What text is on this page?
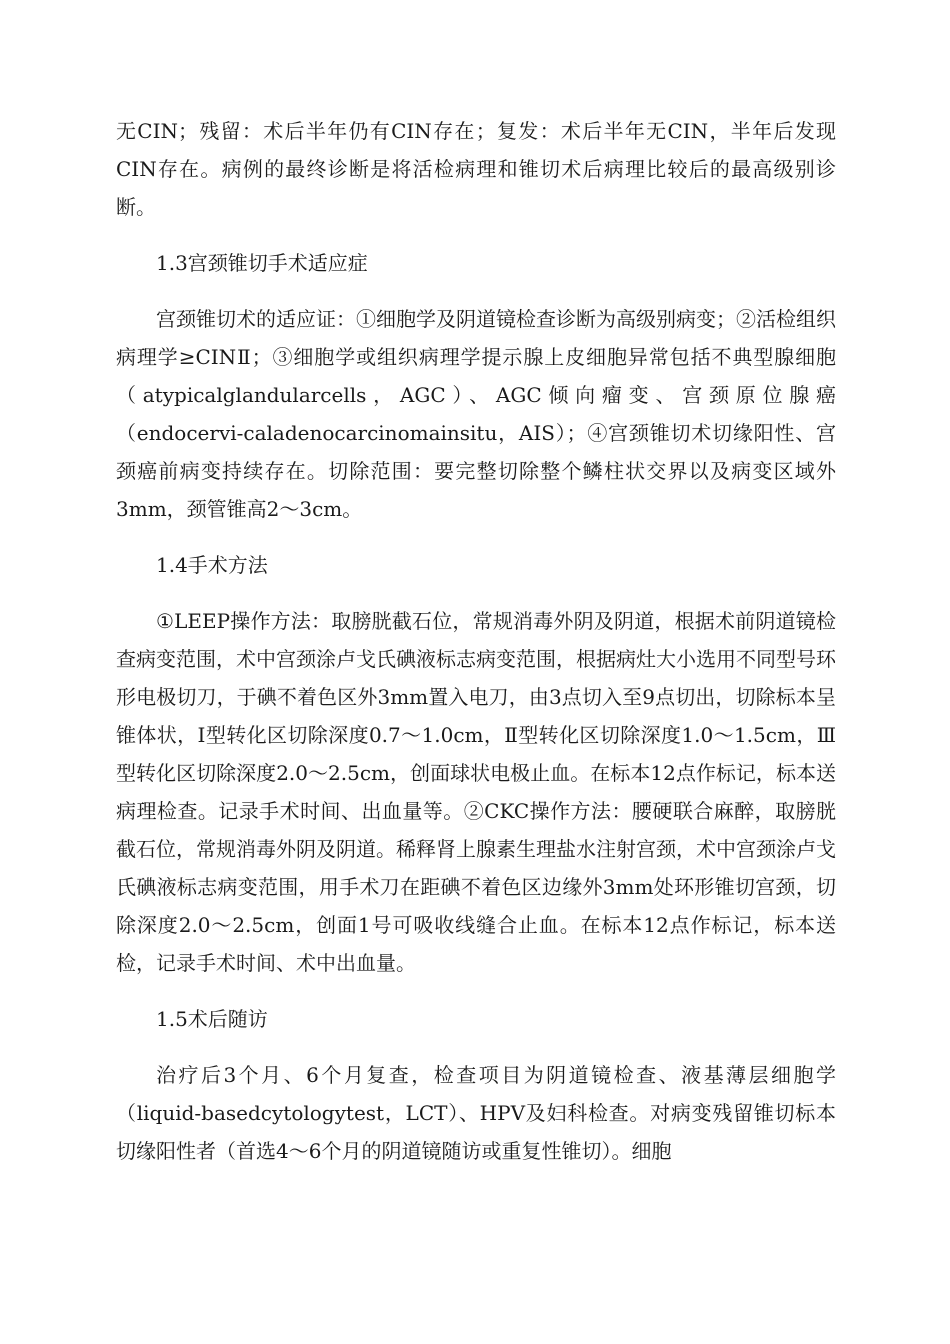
无CIN；残留：术后半年仍有CIN存在；复发：术后半年无CIN，半年后发现CIN存在。病例的最终诊断是将活检病理和锥切术后病理比较后的最高级别诊断。

1.3宫颈锥切手术适应症

宫颈锥切术的适应证：①细胞学及阴道镜检查诊断为高级别病变；②活检组织病理学≥CINⅡ；③细胞学或组织病理学提示腺上皮细胞异常包括不典型腺细胞（atypicalglandularcells，AGC）、AGC倾向瘤变、宫颈原位腺癌（endocervi-caladenocarcinomainsitu，AIS）；④宫颈锥切术切缘阳性、宫颈癌前病变持续存在。切除范围：要完整切除整个鳞柱状交界以及病变区域外3mm，颈管锥高2～3cm。

1.4手术方法

①LEEP操作方法：取膀胱截石位，常规消毒外阴及阴道，根据术前阴道镜检查病变范围，术中宫颈涂卢戈氏碘液标志病变范围，根据病灶大小选用不同型号环形电极切刀，于碘不着色区外3mm置入电刀，由3点切入至9点切出，切除标本呈锥体状，Ⅰ型转化区切除深度0.7～1.0cm，Ⅱ型转化区切除深度1.0～1.5cm，Ⅲ型转化区切除深度2.0～2.5cm，创面球状电极止血。在标本12点作标记，标本送病理检查。记录手术时间、出血量等。②CKC操作方法：腰硬联合麻醉，取膀胱截石位，常规消毒外阴及阴道。稀释肾上腺素生理盐水注射宫颈，术中宫颈涂卢戈氏碘液标志病变范围，用手术刀在距碘不着色区边缘外3mm处环形锥切宫颈，切除深度2.0～2.5cm，创面1号可吸收线缝合止血。在标本12点作标记，标本送检，记录手术时间、术中出血量。

1.5术后随访

治疗后3个月、6个月复查，检查项目为阴道镜检查、液基薄层细胞学（liquid-basedcytologytest，LCT）、HPV及妇科检查。对病变残留锥切标本切缘阳性者（首选4～6个月的阴道镜随访或重复性锥切）。细胞
